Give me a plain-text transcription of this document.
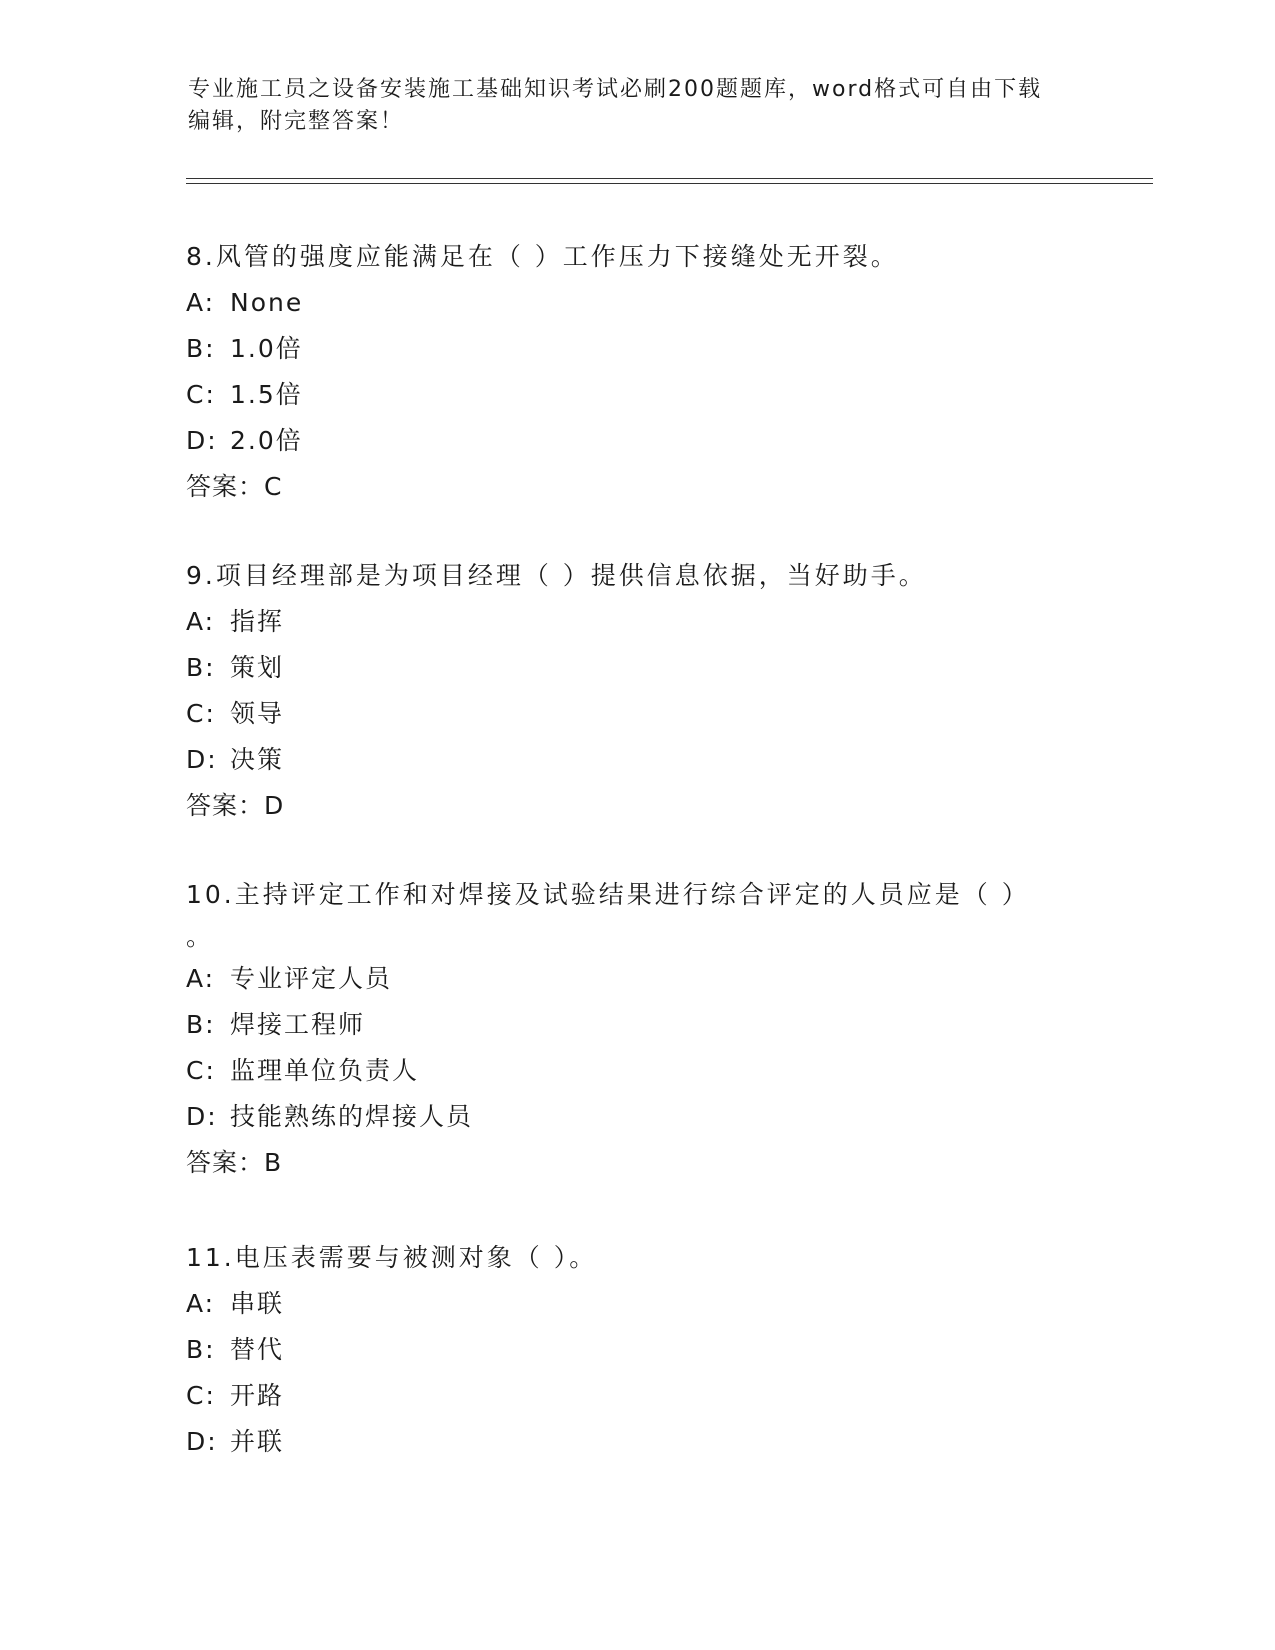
专业施工员之设备安装施工基础知识考试必刷200题题库，word格式可自由下载
编辑，附完整答案！
8.风管的强度应能满足在（ ）工作压力下接缝处无开裂。
A: None
B: 1.0倍
C: 1.5倍
D: 2.0倍
答案：C
9.项目经理部是为项目经理（ ）提供信息依据，当好助手。
A: 指挥
B: 策划
C: 领导
D: 决策
答案：D
10.主持评定工作和对焊接及试验结果进行综合评定的人员应是（ ）
。
A: 专业评定人员
B: 焊接工程师
C: 监理单位负责人
D: 技能熟练的焊接人员
答案：B
11.电压表需要与被测对象（ ）。
A: 串联
B: 替代
C: 开路
D: 并联
